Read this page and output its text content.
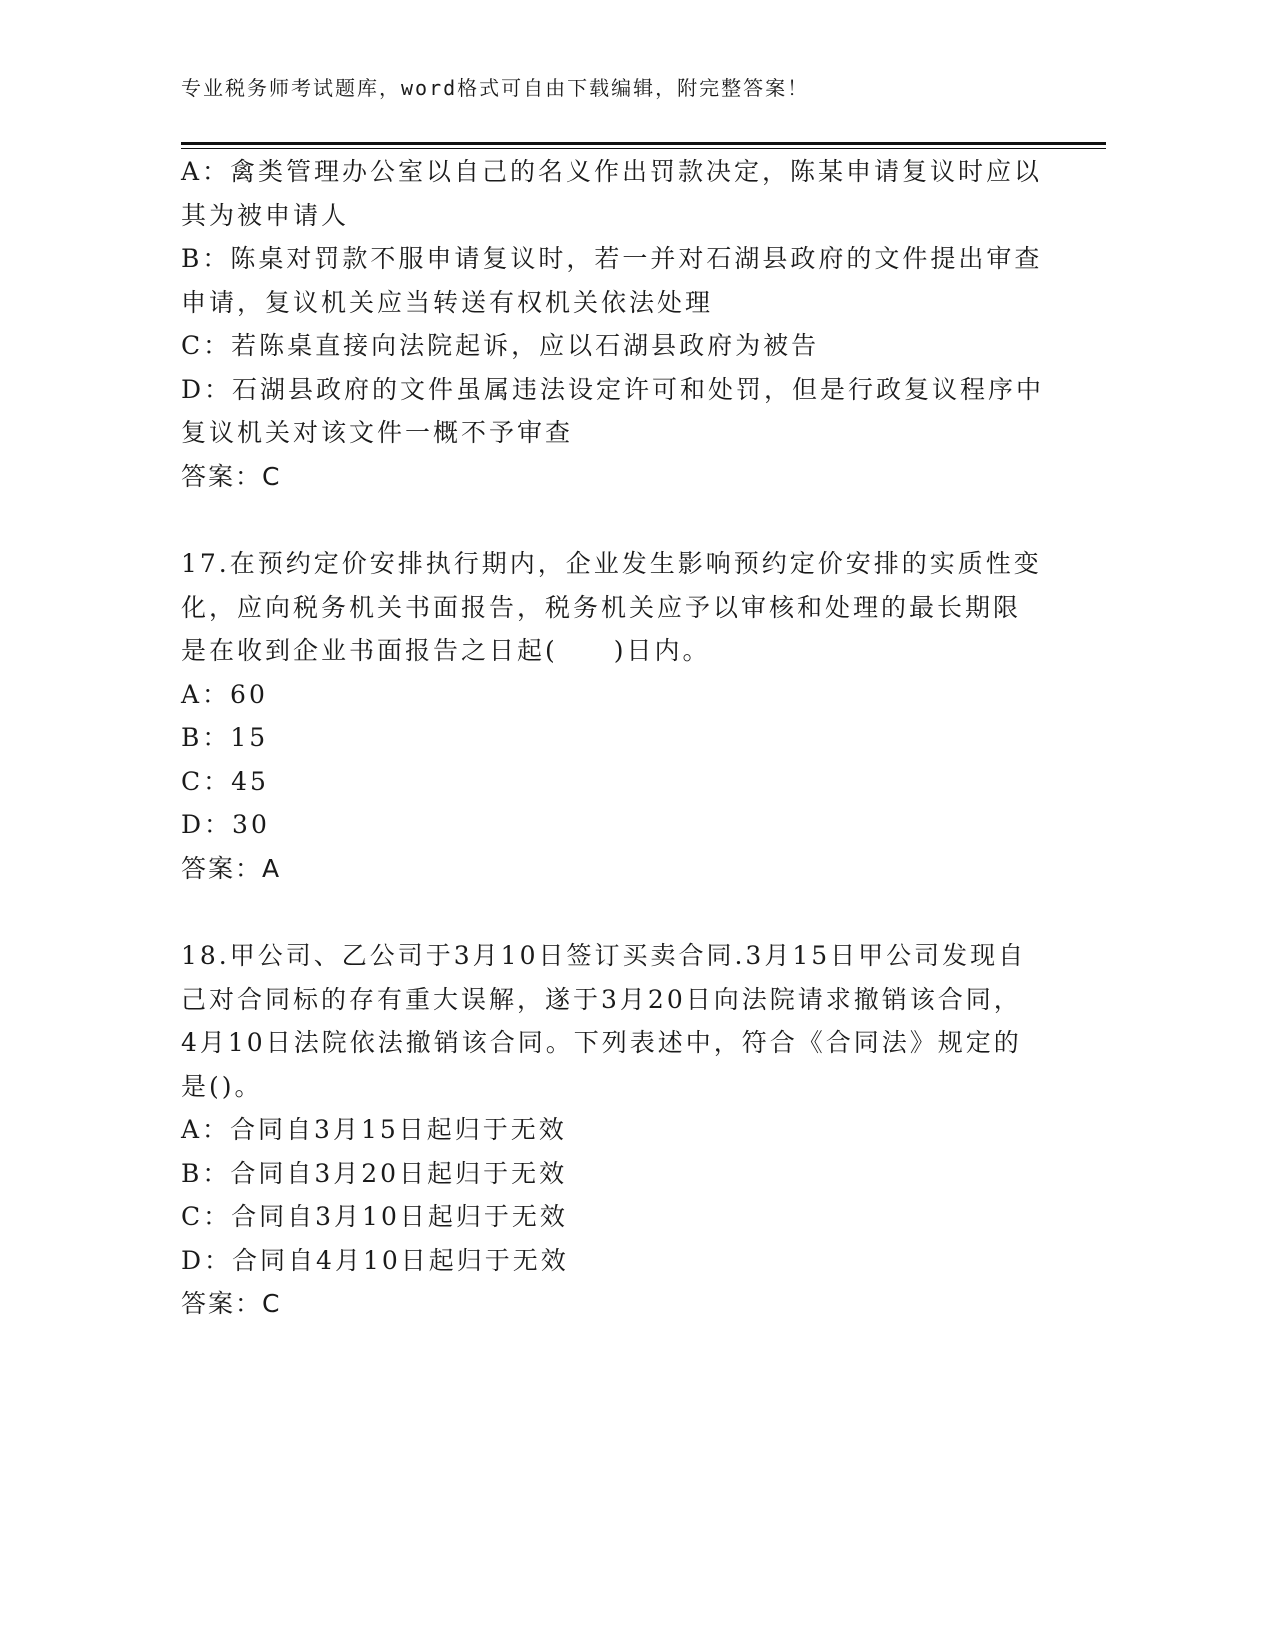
专业税务师考试题库，word格式可自由下载编辑，附完整答案！
A：禽类管理办公室以自己的名义作出罚款决定，陈某申请复议时应以
其为被申请人
B：陈桌对罚款不服申请复议时，若一并对石湖县政府的文件提出审查
申请，复议机关应当转送有权机关依法处理
C：若陈桌直接向法院起诉，应以石湖县政府为被告
D：石湖县政府的文件虽属违法设定许可和处罚，但是行政复议程序中
复议机关对该文件一概不予审查
答案：C
17.在预约定价安排执行期内，企业发生影响预约定价安排的实质性变
化，应向税务机关书面报告，税务机关应予以审核和处理的最长期限
是在收到企业书面报告之日起(　　)日内。
A：60
B：15
C：45
D：30
答案：A
18.甲公司、乙公司于3月10日签订买卖合同.3月15日甲公司发现自
己对合同标的存有重大误解，遂于3月20日向法院请求撤销该合同，
4月10日法院依法撤销该合同。下列表述中，符合《合同法》规定的
是()。
A：合同自3月15日起归于无效
B：合同自3月20日起归于无效
C：合同自3月10日起归于无效
D：合同自4月10日起归于无效
答案：C
